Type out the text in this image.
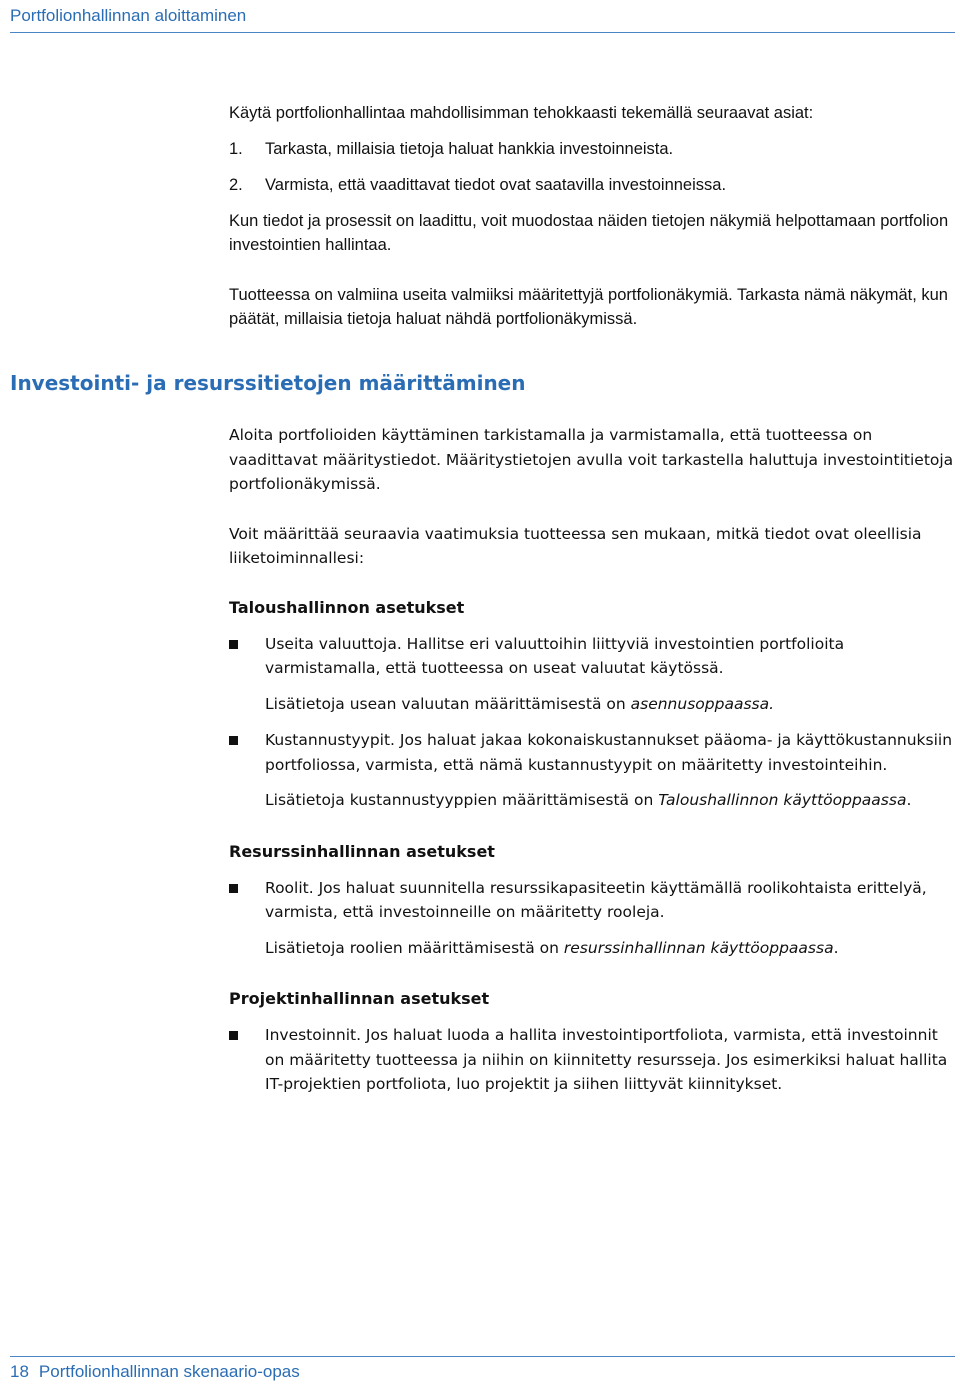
Portfolionhallinnan aloittaminen

Käytä portfolionhallintaa mahdollisimman tehokkaasti tekemällä seuraavat asiat:

1.	Tarkasta, millaisia tietoja haluat hankkia investoinneista.
2.	Varmista, että vaadittavat tiedot ovat saatavilla investoinneissa.

Kun tiedot ja prosessit on laadittu, voit muodostaa näiden tietojen näkymiä helpottamaan portfolion investointien hallintaa.

Tuotteessa on valmiina useita valmiiksi määritettyjä portfolionäkymiä. Tarkasta nämä näkymät, kun päätät, millaisia tietoja haluat nähdä portfolionäkymissä.

Investointi- ja resurssitietojen määrittäminen

Aloita portfolioiden käyttäminen tarkistamalla ja varmistamalla, että tuotteessa on vaadittavat määritystiedot. Määritystietojen avulla voit tarkastella haluttuja investointitietoja portfolionäkymissä.

Voit määrittää seuraavia vaatimuksia tuotteessa sen mukaan, mitkä tiedot ovat oleellisia liiketoiminnallesi:

Taloushallinnon asetukset

Useita valuuttoja. Hallitse eri valuuttoihin liittyviä investointien portfolioita varmistamalla, että tuotteessa on useat valuutat käytössä.

Lisätietoja usean valuutan määrittämisestä on asennusoppaassa.

Kustannustyypit. Jos haluat jakaa kokonaiskustannukset pääoma- ja käyttökustannuksiin portfoliossa, varmista, että nämä kustannustyypit on määritetty investointeihin.

Lisätietoja kustannustyyppien määrittämisestä on Taloushallinnon käyttöoppaassa.

Resurssinhallinnan asetukset

Roolit. Jos haluat suunnitella resurssikapasiteetin käyttämällä roolikohtaista erittelyä, varmista, että investoinneille on määritetty rooleja.

Lisätietoja roolien määrittämisestä on resurssinhallinnan käyttöoppaassa.

Projektinhallinnan asetukset

Investoinnit. Jos haluat luoda a hallita investointiportfoliota, varmista, että investoinnit on määritetty tuotteessa ja niihin on kiinnitetty resursseja. Jos esimerkiksi haluat hallita IT-projektien portfoliota, luo projektit ja siihen liittyvät kiinnitykset.

18 Portfolionhallinnan skenaario-opas
